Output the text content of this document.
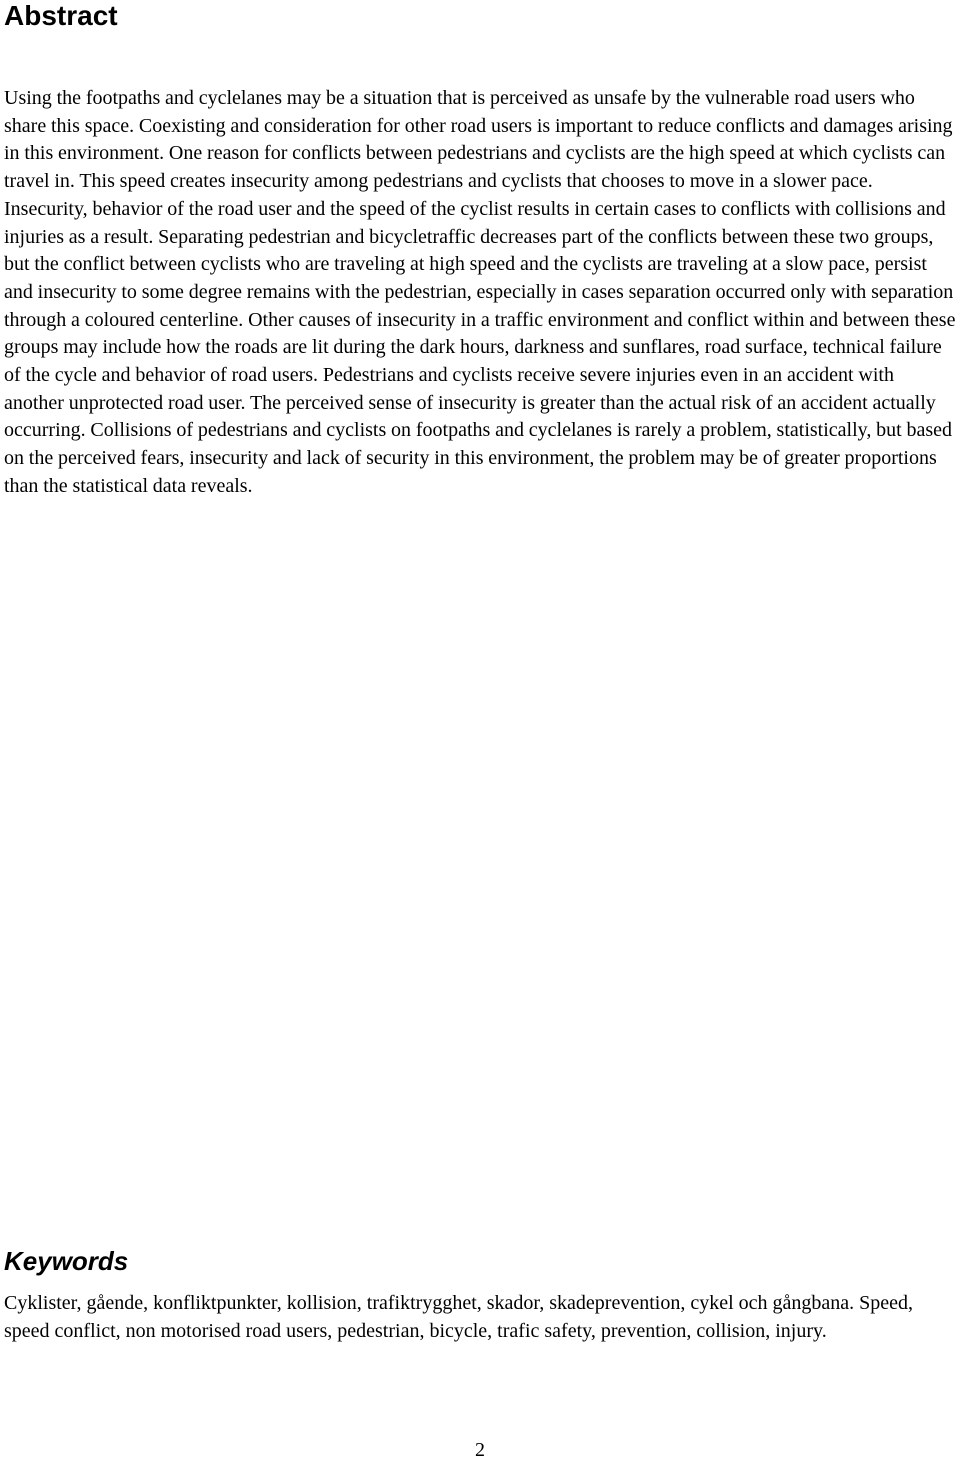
Abstract

Using the footpaths and cyclelanes may be a situation that is perceived as unsafe by the vulnerable road users who share this space. Coexisting and consideration for other road users is important to reduce conflicts and damages arising in this environment. One reason for conflicts between pedestrians and cyclists are the high speed at which cyclists can travel in. This speed creates insecurity among pedestrians and cyclists that chooses to move in a slower pace. Insecurity, behavior of the road user and the speed of the cyclist results in certain cases to conflicts with collisions and injuries as a result. Separating pedestrian and bicycletraffic decreases part of the conflicts between these two groups, but the conflict between cyclists who are traveling at high speed and the cyclists are traveling at a slow pace, persist and insecurity to some degree remains with the pedestrian, especially in cases separation occurred only with separation through a coloured centerline. Other causes of insecurity in a traffic environment and conflict within and between these groups may include how the roads are lit during the dark hours, darkness and sunflares, road surface, technical failure of the cycle and behavior of road users. Pedestrians and cyclists receive severe injuries even in an accident with another unprotected road user. The perceived sense of insecurity is greater than the actual risk of an accident actually occurring. Collisions of pedestrians and cyclists on footpaths and cyclelanes is rarely a problem, statistically, but based on the perceived fears, insecurity and lack of security in this environment, the problem may be of greater proportions than the statistical data reveals.

Keywords

Cyklister, gående, konfliktpunkter, kollision, trafiktrygghet, skador, skadeprevention, cykel och gångbana. Speed, speed conflict, non motorised road users, pedestrian, bicycle, trafic safety, prevention, collision, injury.

2
